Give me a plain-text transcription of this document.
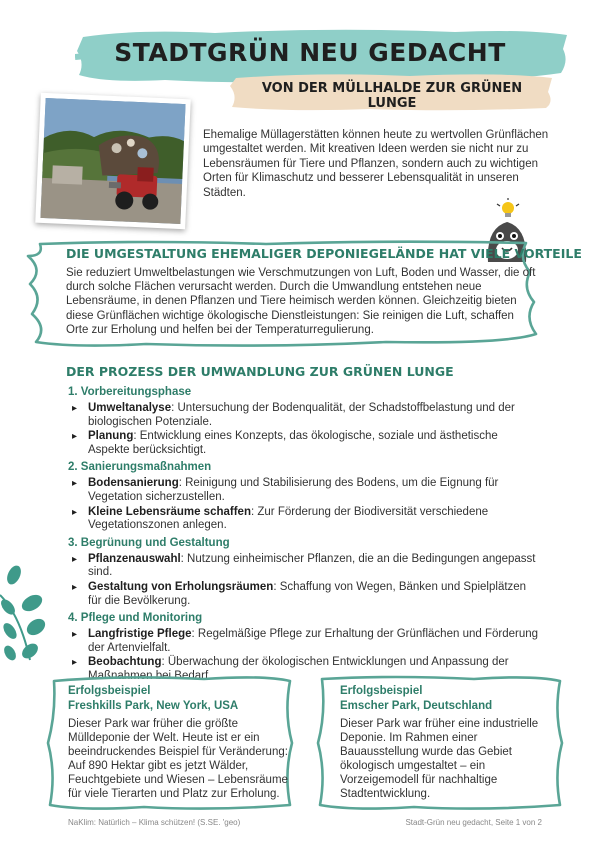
STADTGRÜN NEU GEDACHT
VON DER MÜLLHALDE ZUR GRÜNEN LUNGE
Ehemalige Müllagerstätten können heute zu wertvollen Grünflächen umgestaltet werden. Mit kreativen Ideen werden sie nicht nur zu Lebensräumen für Tiere und Pflanzen, sondern auch zu wichtigen Orten für Klimaschutz und besserer Lebensqualität in unseren Städten.
DIE UMGESTALTUNG EHEMALIGER DEPONIEGELÄNDE HAT VIELE VORTEILE
Sie reduziert Umweltbelastungen wie Verschmutzungen von Luft, Boden und Wasser, die oft durch solche Flächen verursacht werden. Durch die Umwandlung entstehen neue Lebensräume, in denen Pflanzen und Tiere heimisch werden können. Gleichzeitig bieten diese Grünflächen wichtige ökologische Dienstleistungen: Sie reinigen die Luft, schaffen Orte zur Erholung und helfen bei der Temperaturregulierung.
DER PROZESS DER UMWANDLUNG ZUR GRÜNEN LUNGE
1. Vorbereitungsphase
▸ Umweltanalyse: Untersuchung der Bodenqualität, der Schadstoffbelastung und der biologischen Potenziale.
▸ Planung: Entwicklung eines Konzepts, das ökologische, soziale und ästhetische Aspekte berücksichtigt.
2. Sanierungsmaßnahmen
▸ Bodensanierung: Reinigung und Stabilisierung des Bodens, um die Eignung für Vegetation sicherzustellen.
▸ Kleine Lebensräume schaffen: Zur Förderung der Biodiversität verschiedene Vegetationszonen anlegen.
3. Begrünung und Gestaltung
▸ Pflanzenauswahl: Nutzung einheimischer Pflanzen, die an die Bedingungen angepasst sind.
▸ Gestaltung von Erholungsräumen: Schaffung von Wegen, Bänken und Spielplätzen für die Bevölkerung.
4. Pflege und Monitoring
▸ Langfristige Pflege: Regelmäßige Pflege zur Erhaltung der Grünflächen und Förderung der Artenvielfalt.
▸ Beobachtung: Überwachung der ökologischen Entwicklungen und Anpassung der Maßnahmen bei Bedarf.
Erfolgsbeispiel
Freshkills Park, New York, USA
Dieser Park war früher die größte Mülldeponie der Welt. Heute ist er ein beeindruckendes Beispiel für Veränderung: Auf 890 Hektar gibt es jetzt Wälder, Feuchtgebiete und Wiesen – Lebensräume für viele Tierarten und Platz zur Erholung.
Erfolgsbeispiel
Emscher Park, Deutschland
Dieser Park war früher eine industrielle Deponie. Im Rahmen einer Bauausstellung wurde das Gebiet ökologisch umgestaltet – ein Vorzeigemodell für nachhaltige Stadtentwicklung.
NaKlim: Natürlich – Klima schützen! (S.SE. 'geo)	Stadt-Grün neu gedacht, Seite 1 von 2
